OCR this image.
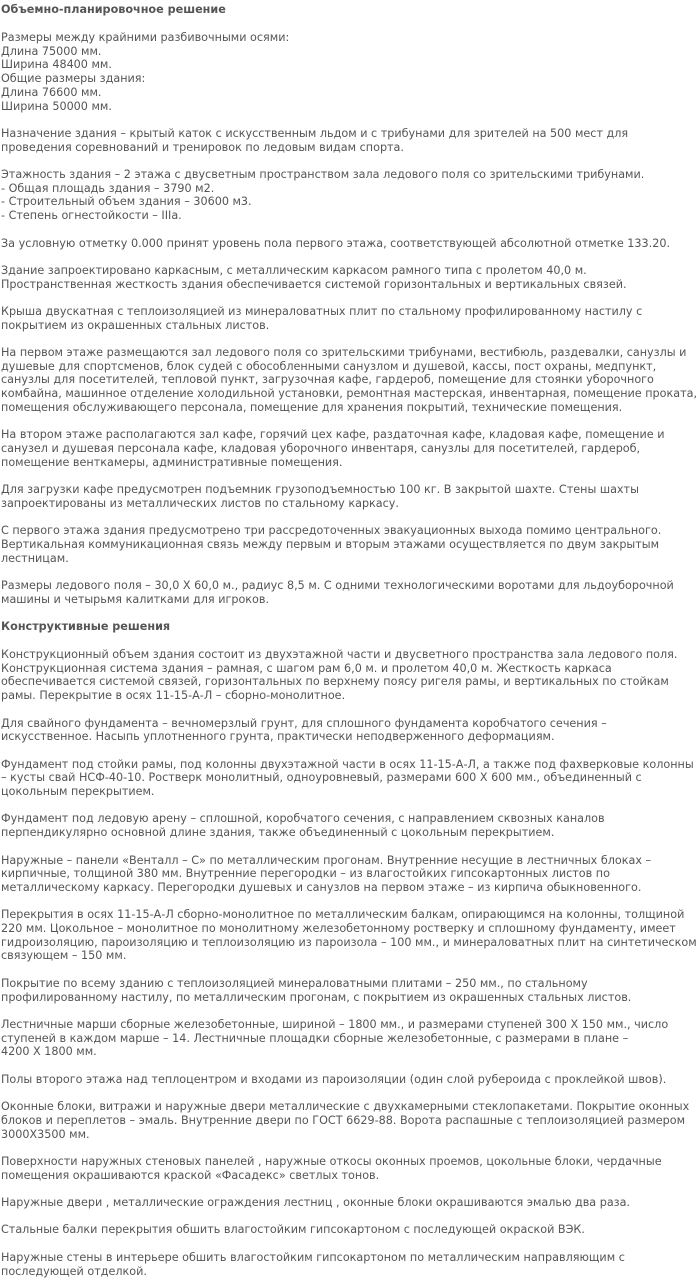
Объемно-планировочное решение

Размеры между крайними разбивочными осями:
Длина 75000 мм.
Ширина 48400 мм.
Общие размеры здания:
Длина 76600 мм.
Ширина 50000 мм.

Назначение здания – крытый каток с искусственным льдом и с трибунами для зрителей на 500 мест для проведения соревнований и тренировок по ледовым видам спорта.

Этажность здания – 2 этажа с двусветным пространством зала ледового поля со зрительскими трибунами.
- Общая площадь здания – 3790 м2.
- Строительный объем здания – 30600 м3.
- Степень огнестойкости – IIIa.

За условную отметку 0.000 принят уровень пола первого этажа, соответствующей абсолютной отметке 133.20.

Здание запроектировано каркасным, с металлическим каркасом рамного типа с пролетом 40,0 м. Пространственная жесткость здания обеспечивается системой горизонтальных и вертикальных связей.

Крыша двускатная с теплоизоляцией из минераловатных плит по стальному профилированному настилу с покрытием из окрашенных стальных листов.

На первом этаже размещаются зал ледового поля со зрительскими трибунами, вестибюль, раздевалки, санузлы и душевые для спортсменов, блок судей с обособленными санузлом и душевой, кассы, пост охраны, медпункт, санузлы для посетителей, тепловой пункт, загрузочная кафе, гардероб, помещение для стоянки уборочного комбайна, машинное отделение холодильной установки, ремонтная мастерская, инвентарная, помещение проката, помещения обслуживающего персонала, помещение для хранения покрытий, технические помещения.

На втором этаже располагаются зал кафе, горячий цех кафе, раздаточная кафе, кладовая кафе, помещение и санузел и душевая персонала кафе, кладовая уборочного инвентаря, санузлы для посетителей, гардероб, помещение венткамеры, административные помещения.

Для загрузки кафе предусмотрен подъемник грузоподъемностью 100 кг. В закрытой шахте. Стены шахты запроектированы из металлических листов по стальному каркасу.

С первого этажа здания предусмотрено три рассредоточенных эвакуационных выхода помимо центрального. Вертикальная коммуникационная связь между первым и вторым этажами осуществляется по двум закрытым лестницам.

Размеры ледового поля – 30,0 Х 60,0 м., радиус 8,5 м. С одними технологическими воротами для льдоуборочной машины и четырьмя калитками для игроков.

Конструктивные решения

Конструкционный объем здания состоит из двухэтажной части и двусветного пространства зала ледового поля. Конструкционная система здания – рамная, с шагом рам 6,0 м. и пролетом 40,0 м. Жесткость каркаса обеспечивается системой связей, горизонтальных по верхнему поясу ригеля рамы, и вертикальных по стойкам рамы. Перекрытие в осях 11-15-А-Л – сборно-монолитное.

Для свайного фундамента – вечномерзлый грунт, для сплошного фундамента коробчатого сечения – искусственное. Насыпь уплотненного грунта, практически неподверженного деформациям.

Фундамент под стойки рамы, под колонны двухэтажной части в осях 11-15-А-Л, а также под фахверковые колонны – кусты свай НСФ-40-10. Ростверк монолитный, одноуровневый, размерами 600 Х 600 мм., объединенный с цокольным перекрытием.

Фундамент под ледовую арену – сплошной, коробчатого сечения, с направлением сквозных каналов перпендикулярно основной длине здания, также объединенный с цокольным перекрытием.

Наружные – панели «Венталл – С» по металлическим прогонам. Внутренние несущие в лестничных блоках – кирпичные, толщиной 380 мм. Внутренние перегородки – из влагостойких гипсокартонных листов по металлическому каркасу. Перегородки душевых и санузлов на первом этаже – из кирпича обыкновенного.

Перекрытия в осях 11-15-А-Л сборно-монолитное по металлическим балкам, опирающимся на колонны, толщиной 220 мм. Цокольное – монолитное по монолитному железобетонному ростверку и сплошному фундаменту, имеет гидроизоляцию, пароизоляцию и теплоизоляцию из пароизола – 100 мм., и минераловатных плит на синтетическом связующем – 150 мм.

Покрытие по всему зданию с теплоизоляцией минераловатными плитами – 250 мм., по стальному профилированному настилу, по металлическим прогонам, с покрытием из окрашенных стальных листов.

Лестничные марши сборные железобетонные, шириной – 1800 мм., и размерами ступеней 300 Х 150 мм., число ступеней в каждом марше – 14. Лестничные площадки сборные железобетонные, с размерами в плане –
4200 Х 1800 мм.

Полы второго этажа над теплоцентром и входами из пароизоляции (один слой рубероида с проклейкой швов).

Оконные блоки, витражи и наружные двери металлические с двухкамерными стеклопакетами. Покрытие оконных блоков и переплетов – эмаль. Внутренние двери по ГОСТ 6629-88. Ворота распашные с теплоизоляцией размером 3000Х3500 мм.

Поверхности наружных стеновых панелей , наружные откосы оконных проемов, цокольные блоки, чердачные помещения окрашиваются краской «Фасадекс» светлых тонов.

Наружные двери , металлические ограждения лестниц , оконные блоки окрашиваются эмалью два раза.

Стальные балки перекрытия обшить влагостойким гипсокартоном с последующей окраской ВЭК.

Наружные стены в интерьере обшить влагостойким гипсокартоном по металлическим направляющим с последующей отделкой.
